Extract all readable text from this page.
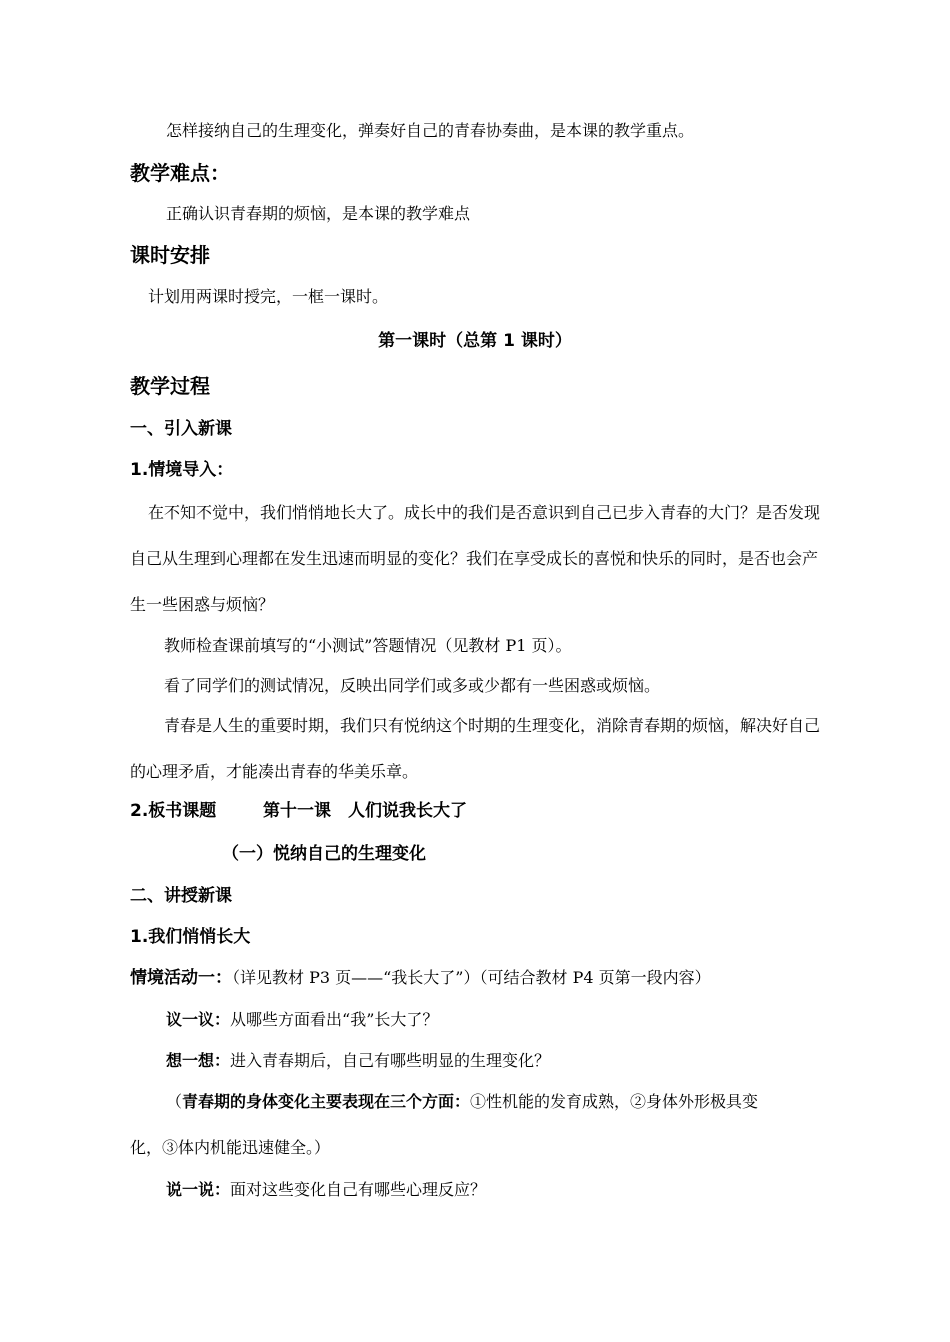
怎样接纳自己的生理变化，弹奏好自己的青春协奏曲，是本课的教学重点。
教学难点：
正确认识青春期的烦恼，是本课的教学难点
课时安排
计划用两课时授完，一框一课时。
第一课时（总第 1 课时）
教学过程
一、引入新课
1.情境导入：
在不知不觉中，我们悄悄地长大了。成长中的我们是否意识到自己已步入青春的大门？是否发现
自己从生理到心理都在发生迅速而明显的变化？我们在享受成长的喜悦和快乐的同时，是否也会产
生一些困惑与烦恼？
教师检查课前填写的“小测试”答题情况（见教材 P1 页）。
看了同学们的测试情况，反映出同学们或多或少都有一些困惑或烦恼。
青春是人生的重要时期，我们只有悦纳这个时期的生理变化，消除青春期的烦恼，解决好自己
的心理矛盾，才能凑出青春的华美乐章。
2.板书课题	第十一课　人们说我长大了
（一）悦纳自己的生理变化
二、讲授新课
1.我们悄悄长大
情境活动一：（详见教材 P3 页——“我长大了”）（可结合教材 P4 页第一段内容）
议一议：从哪些方面看出“我”长大了？
想一想：进入青春期后，自己有哪些明显的生理变化？
（青春期的身体变化主要表现在三个方面：①性机能的发育成熟，②身体外形极具变
化，③体内机能迅速健全。）
说一说：面对这些变化自己有哪些心理反应？
